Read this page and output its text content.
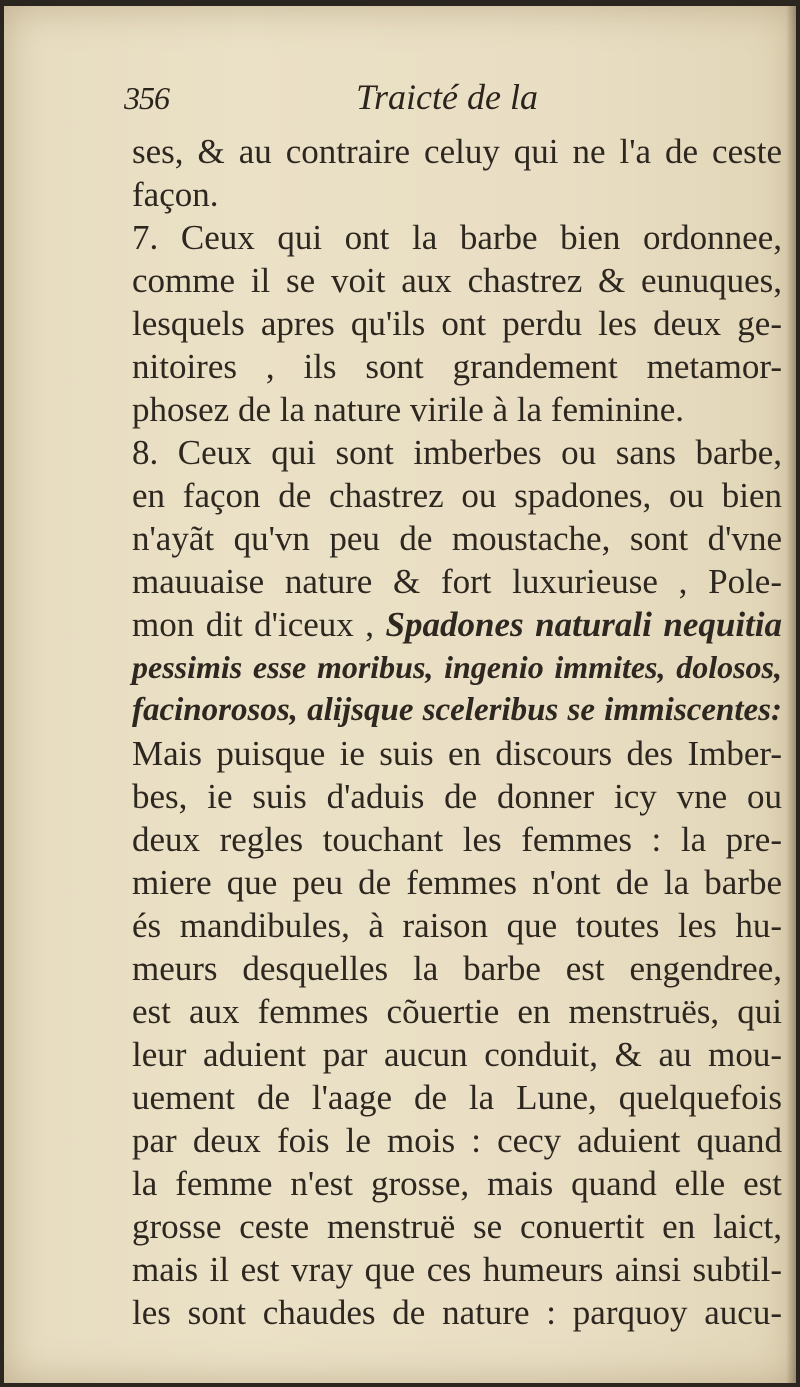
356	Traicté de la
ses, & au contraire celuy qui ne l'a de ceste
façon.
7. Ceux qui ont la barbe bien ordonnee,
comme il se voit aux chastrez & eunuques,
lesquels apres qu'ils ont perdu les deux ge-
nitoires , ils sont grandement metamor-
phosez de la nature virile à la feminine.
8. Ceux qui sont imberbes ou sans barbe,
en façon de chastrez ou spadones, ou bien
n'ayãt qu'vn peu de moustache, sont d'vne
mauuaise nature & fort luxurieuse , Pole-
mon dit d'iceux , Spadones naturali nequitia
pessimis esse moribus, ingenio immites, dolosos,
facinorosos, alijsque sceleribus se immiscentes:
Mais puisque ie suis en discours des Imber-
bes, ie suis d'aduis de donner icy vne ou
deux regles touchant les femmes : la pre-
miere que peu de femmes n'ont de la barbe
és mandibules, à raison que toutes les hu-
meurs desquelles la barbe est engendree,
est aux femmes cõuertie en menstruës, qui
leur aduient par aucun conduit, & au mou-
uement de l'aage de la Lune, quelquefois
par deux fois le mois : cecy aduient quand
la femme n'est grosse, mais quand elle est
grosse ceste menstruë se conuertit en laict,
mais il est vray que ces humeurs ainsi subtil-
les sont chaudes de nature : parquoy aucu-
